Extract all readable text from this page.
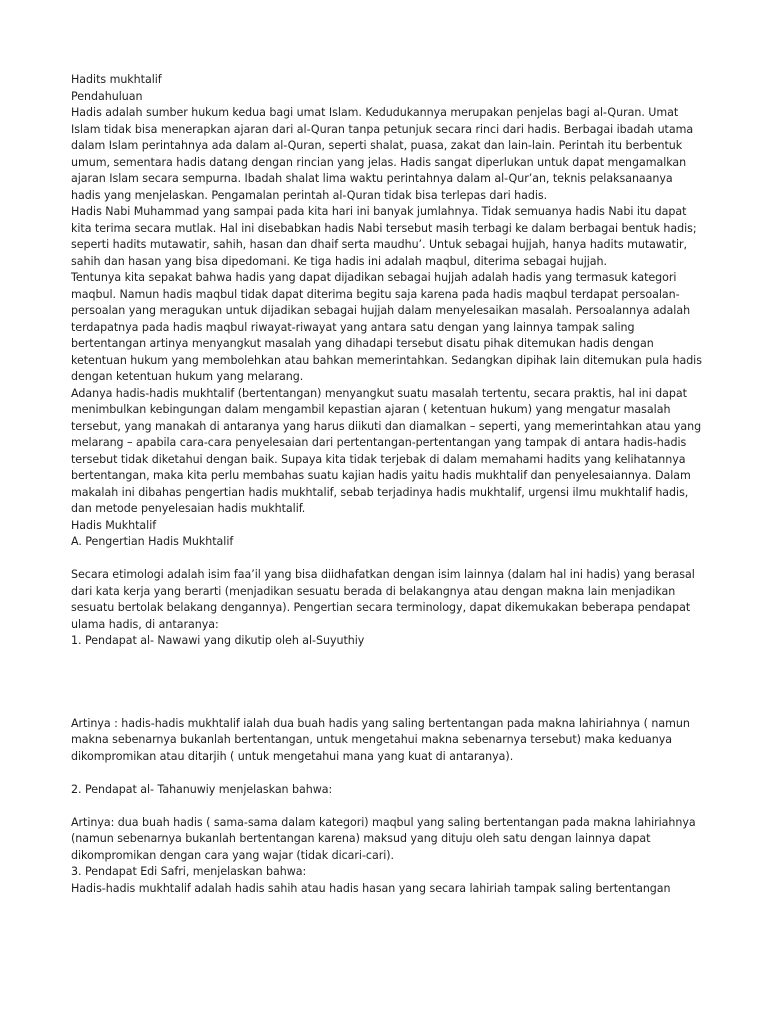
Hadits mukhtalif

Pendahuluan

Hadis adalah sumber hukum kedua bagi umat Islam. Kedudukannya merupakan penjelas bagi al-Quran. Umat

Islam tidak bisa menerapkan ajaran dari al-Quran tanpa petunjuk secara rinci dari hadis. Berbagai ibadah utama

dalam Islam perintahnya ada dalam al-Quran, seperti shalat, puasa, zakat dan lain-lain. Perintah itu berbentuk

umum, sementara hadis datang dengan rincian yang jelas. Hadis sangat diperlukan untuk dapat mengamalkan

ajaran Islam secara sempurna. Ibadah shalat lima waktu perintahnya dalam al-Qur’an, teknis pelaksanaanya

hadis yang menjelaskan. Pengamalan perintah al-Quran tidak bisa terlepas dari hadis.

Hadis Nabi Muhammad yang sampai pada kita hari ini banyak jumlahnya. Tidak semuanya hadis Nabi itu dapat

kita terima secara mutlak. Hal ini disebabkan hadis Nabi tersebut masih terbagi ke dalam berbagai bentuk hadis;

seperti hadits mutawatir, sahih, hasan dan dhaif serta maudhu’. Untuk sebagai hujjah, hanya hadits mutawatir,

sahih dan hasan yang bisa dipedomani. Ke tiga hadis ini adalah maqbul, diterima sebagai hujjah.

Tentunya kita sepakat bahwa hadis yang dapat dijadikan sebagai hujjah adalah hadis yang termasuk kategori

maqbul. Namun hadis maqbul tidak dapat diterima begitu saja karena pada hadis maqbul terdapat persoalan-

persoalan yang meragukan untuk dijadikan sebagai hujjah dalam menyelesaikan masalah. Persoalannya adalah

terdapatnya pada hadis maqbul riwayat-riwayat yang antara satu dengan yang lainnya tampak saling

bertentangan artinya menyangkut masalah yang dihadapi tersebut disatu pihak ditemukan hadis dengan

ketentuan hukum yang membolehkan atau bahkan memerintahkan. Sedangkan dipihak lain ditemukan pula hadis

dengan ketentuan hukum yang melarang.

Adanya hadis-hadis mukhtalif (bertentangan) menyangkut suatu masalah tertentu, secara praktis, hal ini dapat

menimbulkan kebingungan dalam mengambil kepastian ajaran ( ketentuan hukum) yang mengatur masalah

tersebut, yang manakah di antaranya yang harus diikuti dan diamalkan – seperti, yang memerintahkan atau yang

melarang – apabila cara-cara penyelesaian dari pertentangan-pertentangan yang tampak di antara hadis-hadis

tersebut tidak diketahui dengan baik. Supaya kita tidak terjebak di dalam memahami hadits yang kelihatannya

bertentangan, maka kita perlu membahas suatu kajian hadis yaitu hadis mukhtalif dan penyelesaiannya. Dalam

makalah ini dibahas pengertian hadis mukhtalif, sebab terjadinya hadis mukhtalif, urgensi ilmu mukhtalif hadis,

dan metode penyelesaian hadis mukhtalif.

Hadis Mukhtalif

A. Pengertian Hadis Mukhtalif

Secara etimologi adalah isim faa’il yang bisa diidhafatkan dengan isim lainnya (dalam hal ini hadis) yang berasal

dari kata kerja yang berarti (menjadikan sesuatu berada di belakangnya atau dengan makna lain menjadikan

sesuatu bertolak belakang dengannya). Pengertian secara terminology, dapat dikemukakan beberapa pendapat

ulama hadis, di antaranya:

1. Pendapat al- Nawawi yang dikutip oleh al-Suyuthiy

Artinya : hadis-hadis mukhtalif ialah dua buah hadis yang saling bertentangan pada makna lahiriahnya ( namun

makna sebenarnya bukanlah bertentangan, untuk mengetahui makna sebenarnya tersebut) maka keduanya

dikompromikan atau ditarjih ( untuk mengetahui mana yang kuat di antaranya).

2. Pendapat al- Tahanuwiy menjelaskan bahwa:

Artinya: dua buah hadis ( sama-sama dalam kategori) maqbul yang saling bertentangan pada makna lahiriahnya

(namun sebenarnya bukanlah bertentangan karena) maksud yang dituju oleh satu dengan lainnya dapat

dikompromikan dengan cara yang wajar (tidak dicari-cari).

3. Pendapat Edi Safri, menjelaskan bahwa:

Hadis-hadis mukhtalif adalah hadis sahih atau hadis hasan yang secara lahiriah tampak saling bertentangan
